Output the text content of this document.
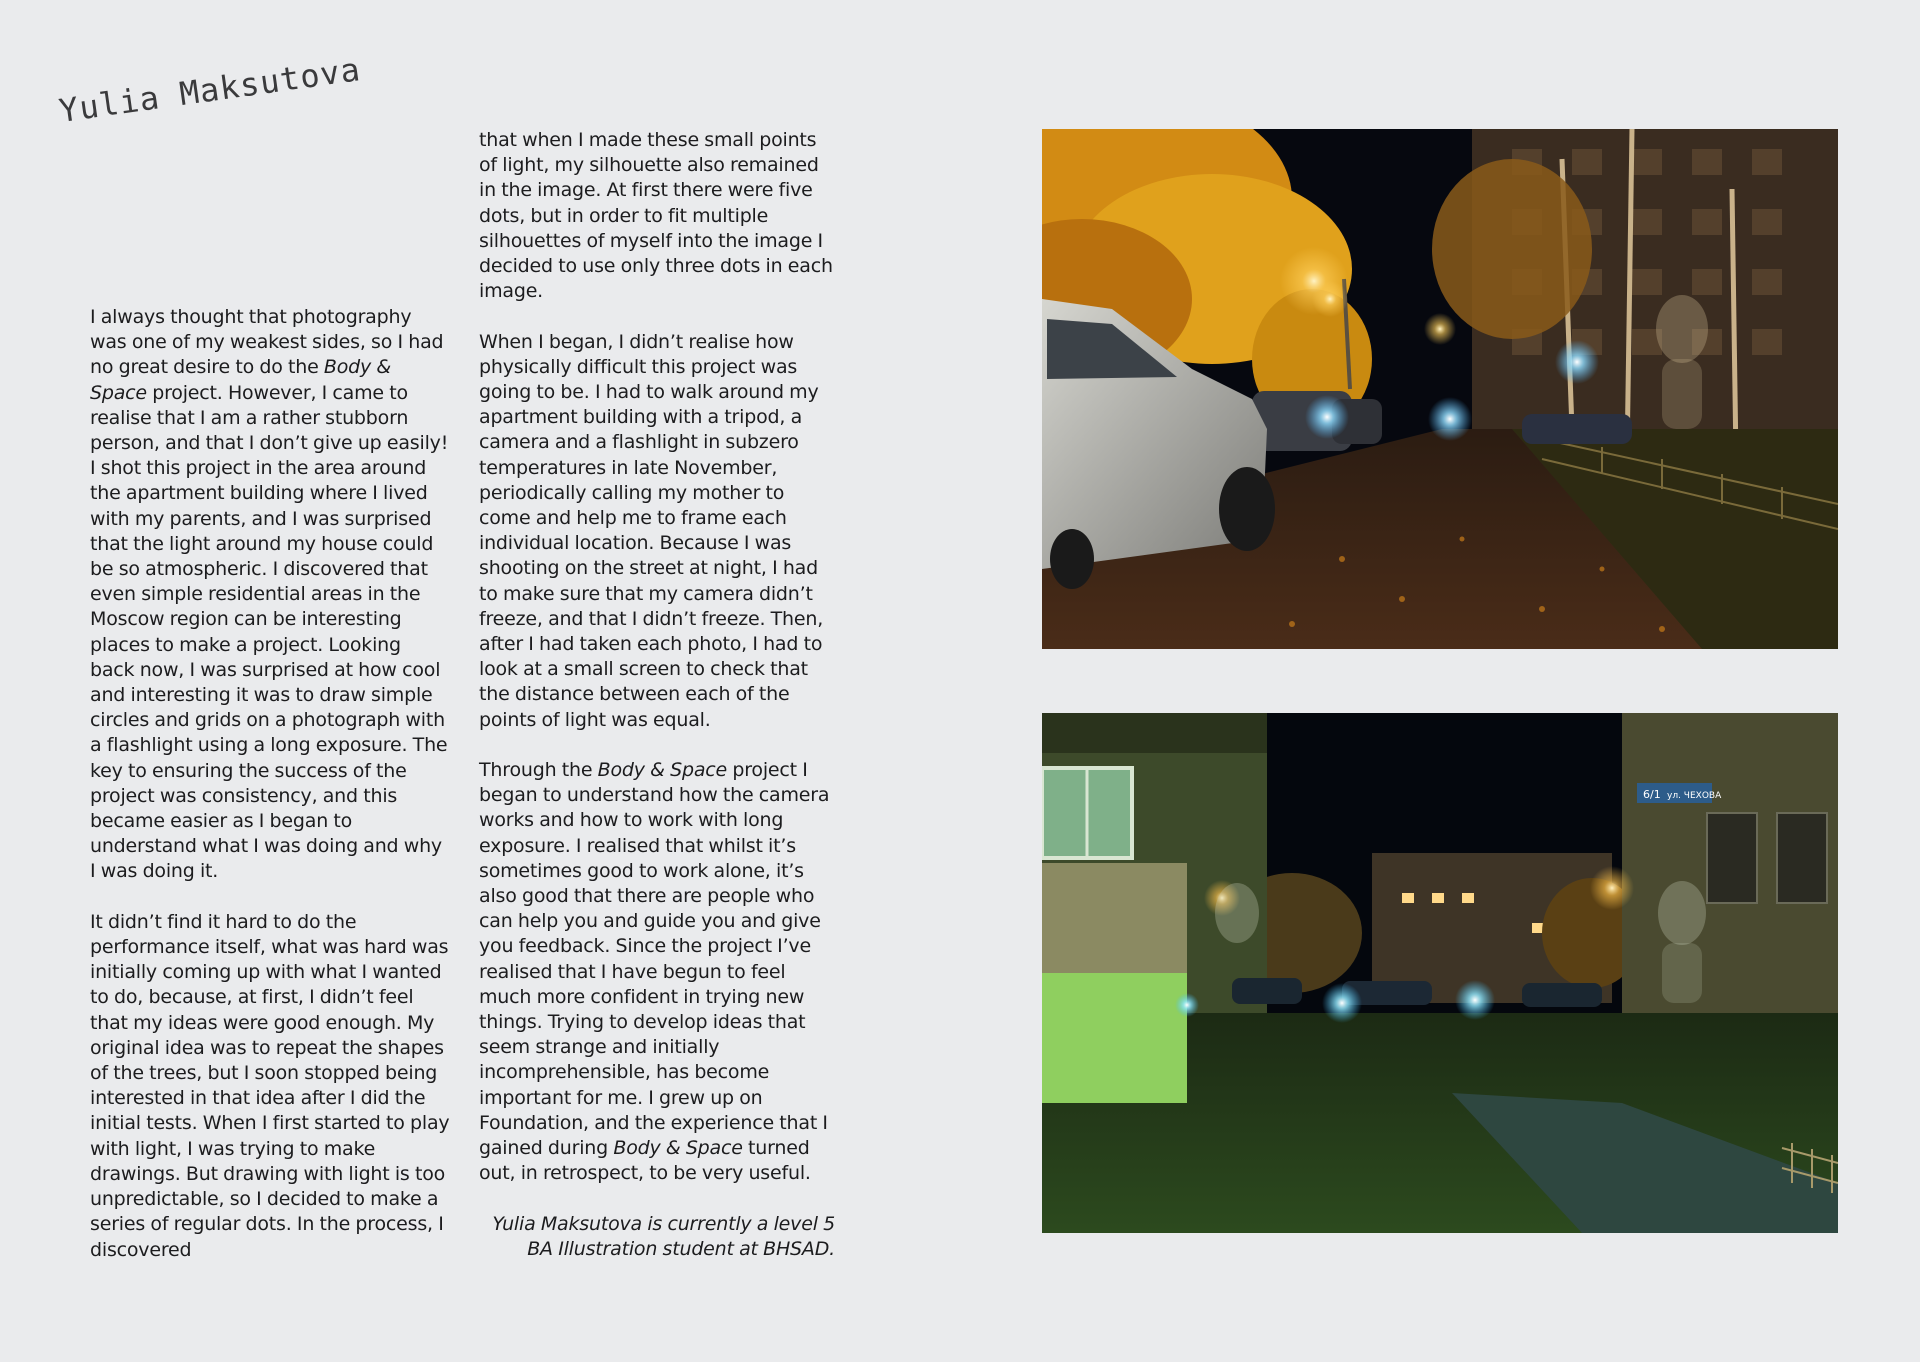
Yulia Maksutova

I always thought that photography was one of my weakest sides, so I had no great desire to do the Body & Space project. However, I came to realise that I am a rather stubborn person, and that I don’t give up easily! I shot this project in the area around the apartment building where I lived with my parents, and I was surprised that the light around my house could be so atmospheric. I discovered that even simple residential areas in the Moscow region can be interesting places to make a project. Looking back now, I was surprised at how cool and interesting it was to draw simple circles and grids on a photograph with a flashlight using a long exposure. The key to ensuring the success of the project was consistency, and this became easier as I began to understand what I was doing and why I was doing it.

It didn’t find it hard to do the performance itself, what was hard was initially coming up with what I wanted to do, because, at first, I didn’t feel that my ideas were good enough. My original idea was to repeat the shapes of the trees, but I soon stopped being interested in that idea after I did the initial tests. When I first started to play with light, I was trying to make drawings. But drawing with light is too unpredictable, so I decided to make a series of regular dots. In the process, I discovered

that when I made these small points of light, my silhouette also remained in the image. At first there were five dots, but in order to fit multiple silhouettes of myself into the image I decided to use only three dots in each image.

When I began, I didn’t realise how physically difficult this project was going to be. I had to walk around my apartment building with a tripod, a camera and a flashlight in subzero temperatures in late November, periodically calling my mother to come and help me to frame each individual location. Because I was shooting on the street at night, I had to make sure that my camera didn’t freeze, and that I didn’t freeze. Then, after I had taken each photo, I had to look at a small screen to check that the distance between each of the points of light was equal.

Through the Body & Space project I began to understand how the camera works and how to work with long exposure. I realised that whilst it’s sometimes good to work alone, it’s also good that there are people who can help you and guide you and give you feedback. Since the project I’ve realised that I have begun to feel much more confident in trying new things. Trying to develop ideas that seem strange and initially incomprehensible, has become important for me. I grew up on Foundation, and the experience that I gained during Body & Space turned out, in retrospect, to be very useful.

Yulia Maksutova is currently a level 5
BA Illustration student at BHSAD.
6/1 ул. ЧЕХОВА
